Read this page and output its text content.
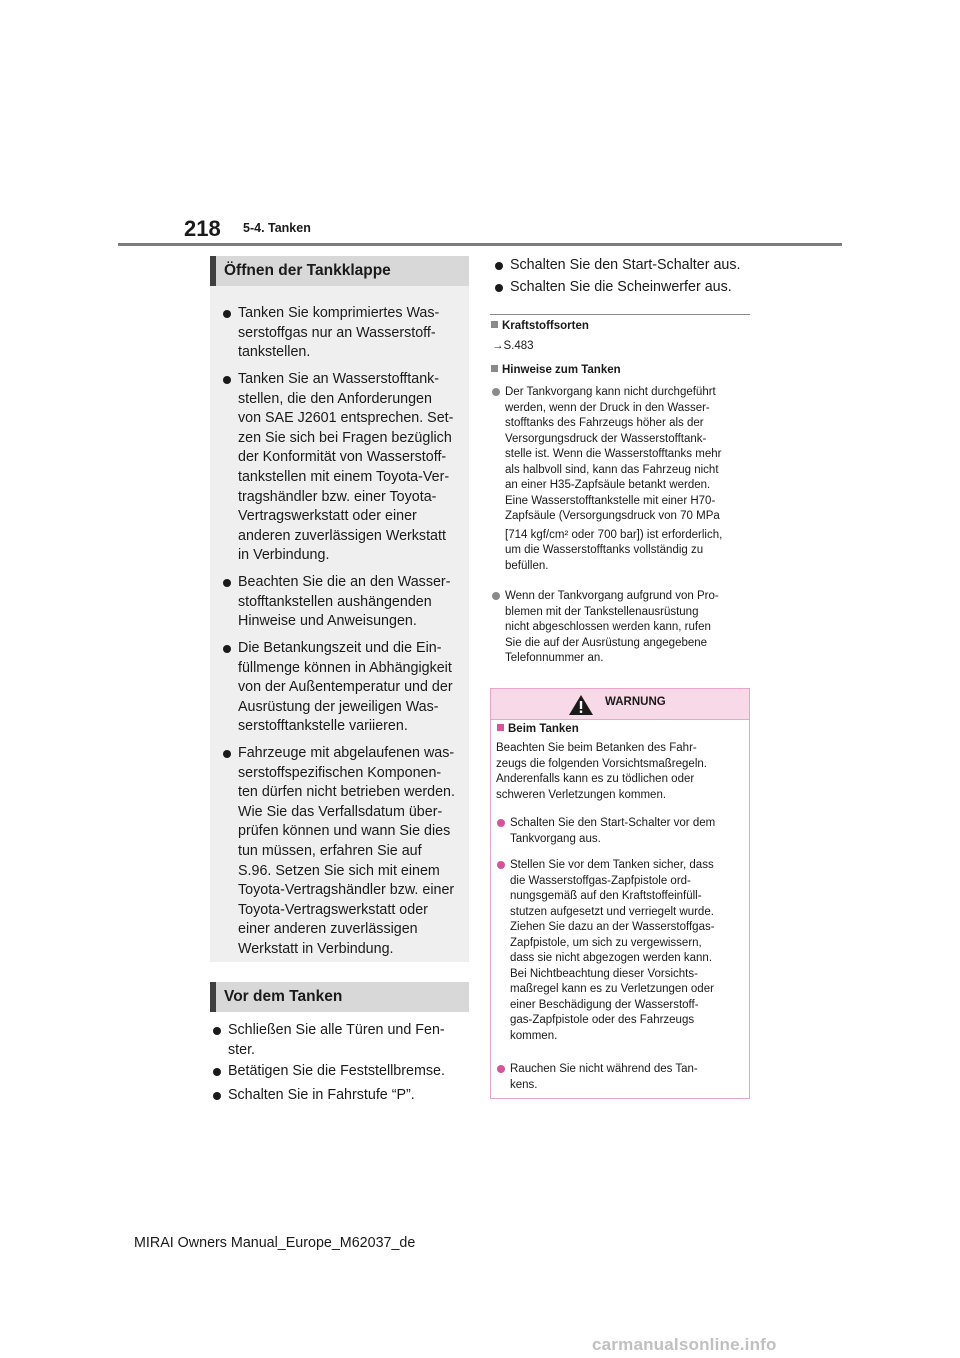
218 5-4. Tanken
Öffnen der Tankklappe
Tanken Sie komprimiertes Was-
serstoffgas nur an Wasserstoff-
tankstellen.
Tanken Sie an Wasserstofftank-
stellen, die den Anforderungen
von SAE J2601 entsprechen. Set-
zen Sie sich bei Fragen bezüglich
der Konformität von Wasserstoff-
tankstellen mit einem Toyota-Ver-
tragshändler bzw. einer Toyota-
Vertragswerkstatt oder einer
anderen zuverlässigen Werkstatt
in Verbindung.
Beachten Sie die an den Wasser-
stofftankstellen aushängenden
Hinweise und Anweisungen.
Die Betankungszeit und die Ein-
füllmenge können in Abhängigkeit
von der Außentemperatur und der
Ausrüstung der jeweiligen Was-
serstofftankstelle variieren.
Fahrzeuge mit abgelaufenen was-
serstoffspezifischen Komponen-
ten dürfen nicht betrieben werden.
Wie Sie das Verfallsdatum über-
prüfen können und wann Sie dies
tun müssen, erfahren Sie auf
S.96. Setzen Sie sich mit einem
Toyota-Vertragshändler bzw. einer
Toyota-Vertragswerkstatt oder
einer anderen zuverlässigen
Werkstatt in Verbindung.
Vor dem Tanken
Schließen Sie alle Türen und Fen-
ster.
Betätigen Sie die Feststellbremse.
Schalten Sie in Fahrstufe “P”.
Schalten Sie den Start-Schalter aus.
Schalten Sie die Scheinwerfer aus.
Kraftstoffsorten
→S.483
Hinweise zum Tanken
Der Tankvorgang kann nicht durchgeführt
werden, wenn der Druck in den Wasser-
stofftanks des Fahrzeugs höher als der
Versorgungsdruck der Wasserstofftank-
stelle ist. Wenn die Wasserstofftanks mehr
als halbvoll sind, kann das Fahrzeug nicht
an einer H35-Zapfsäule betankt werden.
Eine Wasserstofftankstelle mit einer H70-
Zapfsäule (Versorgungsdruck von 70 MPa
[714 kgf/cm² oder 700 bar]) ist erforderlich,
um die Wasserstofftanks vollständig zu
befüllen.
Wenn der Tankvorgang aufgrund von Pro-
blemen mit der Tankstellenausrüstung
nicht abgeschlossen werden kann, rufen
Sie die auf der Ausrüstung angegebene
Telefonnummer an.
WARNUNG
Beim Tanken
Beachten Sie beim Betanken des Fahr-
zeugs die folgenden Vorsichtsmaßregeln.
Anderenfalls kann es zu tödlichen oder
schweren Verletzungen kommen.
Schalten Sie den Start-Schalter vor dem
Tankvorgang aus.
Stellen Sie vor dem Tanken sicher, dass
die Wasserstoffgas-Zapfpistole ord-
nungsgemäß auf den Kraftstoffeinfüll-
stutzen aufgesetzt und verriegelt wurde.
Ziehen Sie dazu an der Wasserstoffgas-
Zapfpistole, um sich zu vergewissern,
dass sie nicht abgezogen werden kann.
Bei Nichtbeachtung dieser Vorsichts-
maßregel kann es zu Verletzungen oder
einer Beschädigung der Wasserstoff-
gas-Zapfpistole oder des Fahrzeugs
kommen.
Rauchen Sie nicht während des Tan-
kens.
MIRAI Owners Manual_Europe_M62037_de
carmanualsonline.info
